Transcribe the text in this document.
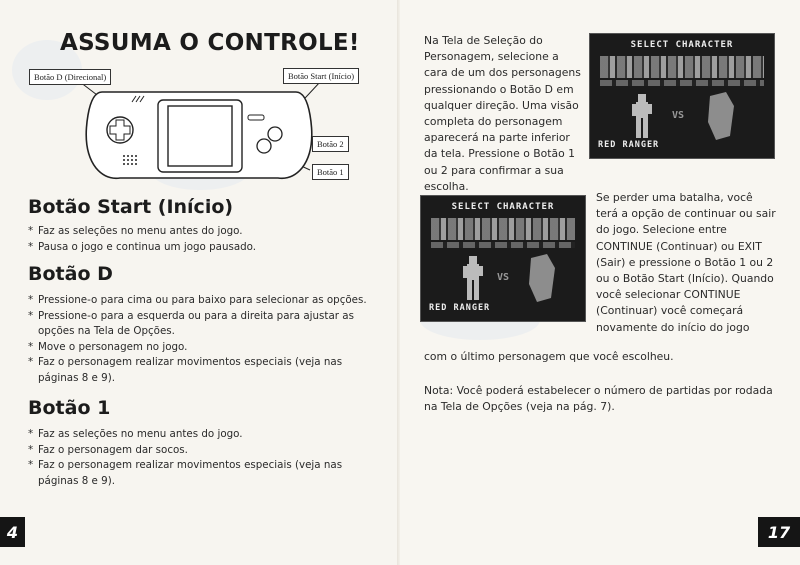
ASSUMA O CONTROLE!
Botão D (Direcional)	Botão Start (Início)
Botão 2
Botão 1
Botão Start (Início)
* Faz as seleções no menu antes do jogo.
* Pausa o jogo e continua um jogo pausado.
Botão D
* Pressione-o para cima ou para baixo para selecionar as opções.
* Pressione-o para a esquerda ou para a direita para ajustar as opções na Tela de Opções.
* Move o personagem no jogo.
* Faz o personagem realizar movimentos especiais (veja nas páginas 8 e 9).
Botão 1
* Faz as seleções no menu antes do jogo.
* Faz o personagem dar socos.
* Faz o personagem realizar movimentos especiais (veja nas páginas 8 e 9).
4
Na Tela de Seleção do Personagem, selecione a cara de um dos personagens pressionando o Botão D em qualquer direção. Uma visão completa do personagem aparecerá na parte inferior da tela. Pressione o Botão 1 ou 2 para confirmar a sua escolha.
SELECT CHARACTER
VS
RED RANGER
SELECT CHARACTER
VS
RED RANGER
Se perder uma batalha, você terá a opção de continuar ou sair do jogo. Selecione entre CONTINUE (Continuar) ou EXIT (Sair) e pressione o Botão 1 ou 2 ou o Botão Start (Início). Quando você selecionar CONTINUE (Continuar) você começará novamente do início do jogo
com o último personagem que você escolheu.
Nota: Você poderá estabelecer o número de partidas por rodada na Tela de Opções (veja na pág. 7).
17
